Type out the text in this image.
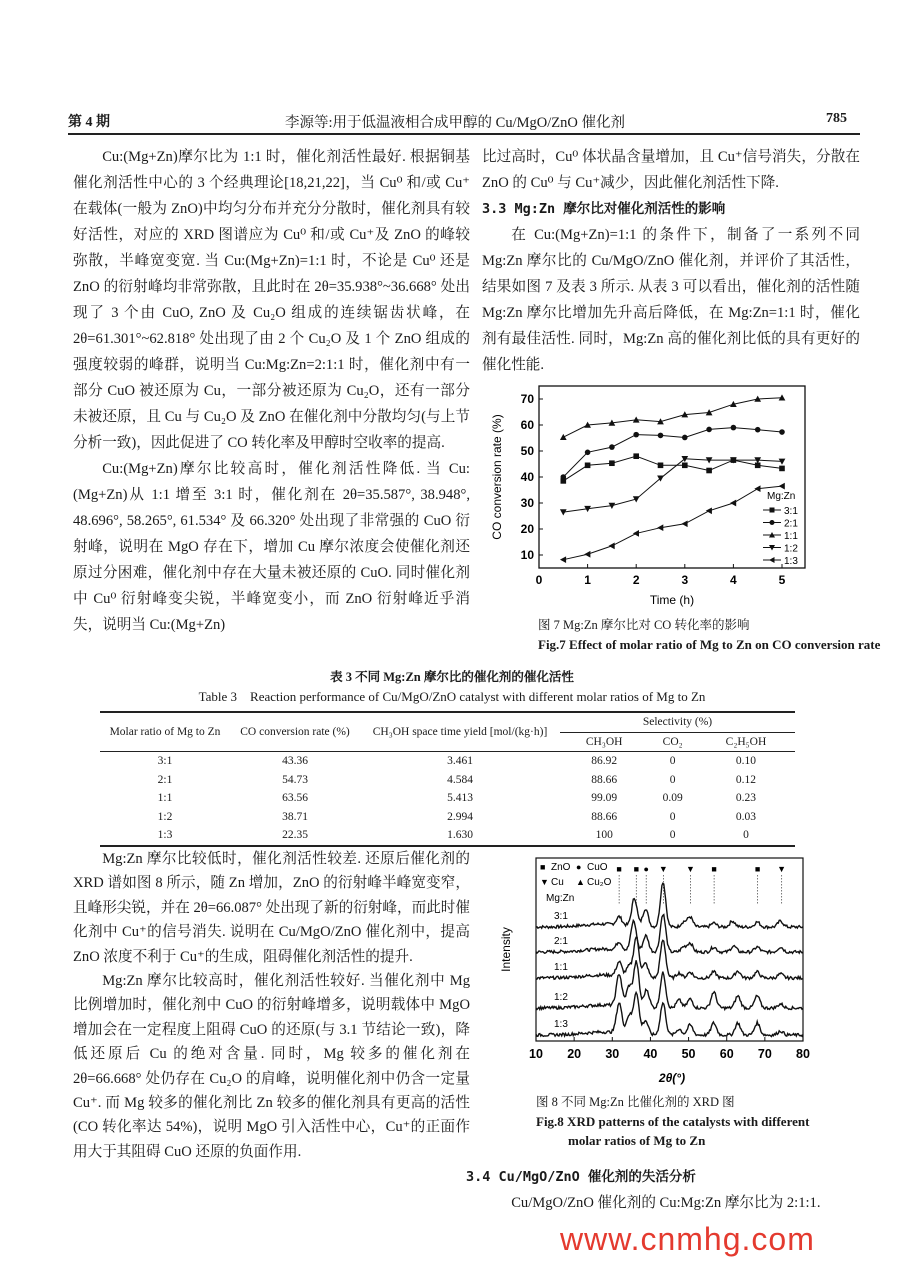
第 4 期	李源等:用于低温液相合成甲醇的 Cu/MgO/ZnO 催化剂	785

Cu:(Mg+Zn)摩尔比为 1:1 时，催化剂活性最好. 根据铜基催化剂活性中心的 3 个经典理论[18,21,22]，当 Cu⁰ 和/或 Cu⁺在载体(一般为 ZnO)中均匀分布并充分分散时，催化剂具有较好活性，对应的 XRD 图谱应为 Cu⁰ 和/或 Cu⁺及 ZnO 的峰较弥散，半峰宽变宽. 当 Cu:(Mg+Zn)=1:1 时，不论是 Cu⁰ 还是 ZnO 的衍射峰均非常弥散，且此时在 2θ=35.938°~36.668° 处出现了 3 个由 CuO, ZnO 及 Cu₂O 组成的连续锯齿状峰，在 2θ=61.301°~62.818° 处出现了由 2 个 Cu₂O 及 1 个 ZnO 组成的强度较弱的峰群，说明当 Cu:Mg:Zn=2:1:1 时，催化剂中有一部分 CuO 被还原为 Cu，一部分被还原为 Cu₂O，还有一部分未被还原，且 Cu 与 Cu₂O 及 ZnO 在催化剂中分散均匀(与上节分析一致)，因此促进了 CO 转化率及甲醇时空收率的提高.

Cu:(Mg+Zn)摩尔比较高时，催化剂活性降低. 当 Cu:(Mg+Zn)从 1:1 增至 3:1 时，催化剂在 2θ=35.587°, 38.948°, 48.696°, 58.265°, 61.534° 及 66.320° 处出现了非常强的 CuO 衍射峰，说明在 MgO 存在下，增加 Cu 摩尔浓度会使催化剂还原过分困难，催化剂中存在大量未被还原的 CuO. 同时催化剂中 Cu⁰ 衍射峰变尖锐，半峰宽变小，而 ZnO 衍射峰近乎消失，说明当 Cu:(Mg+Zn)

比过高时，Cu⁰ 体状晶含量增加，且 Cu⁺信号消失，分散在 ZnO 的 Cu⁰ 与 Cu⁺减少，因此催化剂活性下降.

3.3 Mg:Zn 摩尔比对催化剂活性的影响

在 Cu:(Mg+Zn)=1:1 的条件下，制备了一系列不同 Mg:Zn 摩尔比的 Cu/MgO/ZnO 催化剂，并评价了其活性，结果如图 7 及表 3 所示. 从表 3 可以看出，催化剂的活性随 Mg:Zn 摩尔比增加先升高后降低，在 Mg:Zn=1:1 时，催化剂有最佳活性. 同时，Mg:Zn 高的催化剂比低的具有更好的催化性能.

0	1	2	3	4	5
10
20
30
40
50
60
70
Time (h)
CO conversion rate (%)	3:1
2:1
1:1
1:2
1:3
Mg:Zn
图 7 Mg:Zn 摩尔比对 CO 转化率的影响
Fig.7 Effect of molar ratio of Mg to Zn on CO conversion rate
表 3 不同 Mg:Zn 摩尔比的催化剂的催化活性
Table 3    Reaction performance of Cu/MgO/ZnO catalyst with different molar ratios of Mg to Zn
Molar ratio of Mg to Zn	CO conversion rate (%)	CH₃OH space time yield [mol/(kg·h)]	Selectivity (%)		
			CH₃OH	CO₂	C₂H₅OH
3:1	43.36	3.461	86.92	0	0.10
2:1	54.73	4.584	88.66	0	0.12
1:1	63.56	5.413	99.09	0.09	0.23
1:2	38.71	2.994	88.66	0	0.03
1:3	22.35	1.630	100	0	0

Mg:Zn 摩尔比较低时，催化剂活性较差. 还原后催化剂的 XRD 谱如图 8 所示，随 Zn 增加，ZnO 的衍射峰半峰宽变窄，且峰形尖锐，并在 2θ=66.087° 处出现了新的衍射峰，而此时催化剂中 Cu⁺的信号消失. 说明在 Cu/MgO/ZnO 催化剂中，提高 ZnO 浓度不利于 Cu⁺的生成，阻碍催化剂活性的提升.

Mg:Zn 摩尔比较高时，催化剂活性较好. 当催化剂中 Mg 比例增加时，催化剂中 CuO 的衍射峰增多，说明载体中 MgO 增加会在一定程度上阻碍 CuO 的还原(与 3.1 节结论一致)，降低还原后 Cu 的绝对含量. 同时，Mg 较多的催化剂在 2θ=66.668° 处仍存在 Cu₂O 的肩峰，说明催化剂中仍含一定量 Cu⁺. 而 Mg 较多的催化剂比 Zn 较多的催化剂具有更高的活性(CO 转化率达 54%)，说明 MgO 引入活性中心，Cu⁺的正面作用大于其阻碍 CuO 还原的负面作用.

10 20 30 40 50 60 70 80
2θ(°)
Intensity
■ ■ ● ▼ ▼ ■	■ ▼
■ ZnO ● CuO
▼ Cu ▲ Cu₂O
Mg:Zn
3:1
2:1
1:1
1:2
1:3
图 8 不同 Mg:Zn 比催化剂的 XRD 图
Fig.8 XRD patterns of the catalysts with different
molar ratios of Mg to Zn
3.4 Cu/MgO/ZnO 催化剂的失活分析

Cu/MgO/ZnO 催化剂的 Cu:Mg:Zn 摩尔比为 2:1:1.

www.cnmhg.com
